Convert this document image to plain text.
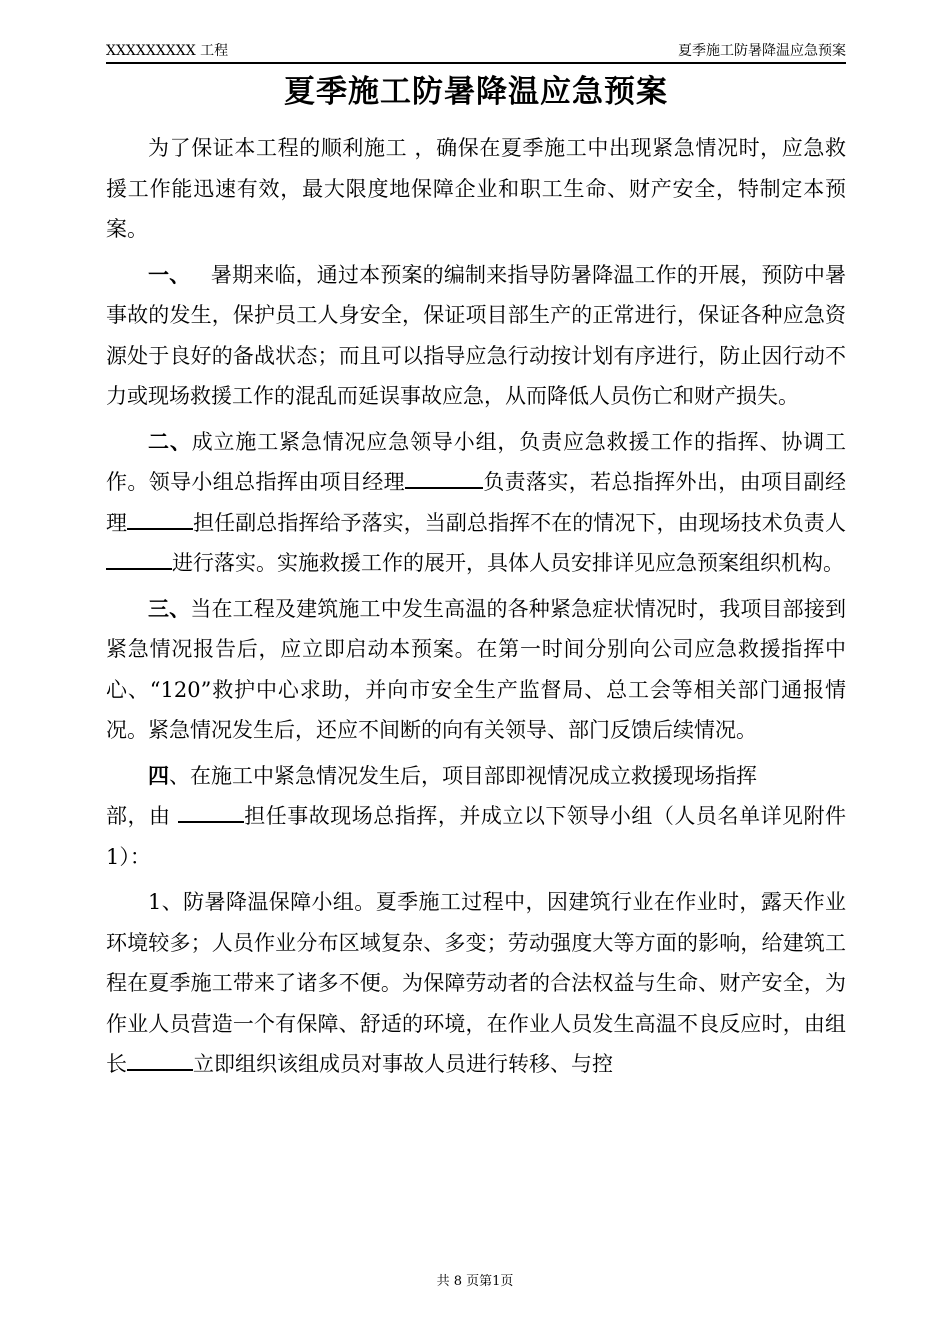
XXXXXXXXX 工程	夏季施工防暑降温应急预案
夏季施工防暑降温应急预案

为了保证本工程的顺利施工 ，确保在夏季施工中出现紧急情况时，应急救援工作能迅速有效，最大限度地保障企业和职工生命、财产安全，特制定本预案。

一、 暑期来临，通过本预案的编制来指导防暑降温工作的开展，预防中暑事故的发生，保护员工人身安全，保证项目部生产的正常进行，保证各种应急资源处于良好的备战状态；而且可以指导应急行动按计划有序进行，防止因行动不力或现场救援工作的混乱而延误事故应急，从而降低人员伤亡和财产损失。

二、成立施工紧急情况应急领导小组，负责应急救援工作的指挥、协调工作。领导小组总指挥由项目经理	负责落实，若总指挥外出，由项目副经理	担任副总指挥给予落实，当副总指挥不在的情况下，由现场技术负责人进行落实。实施救援工作的展开，具体人员安排详见应急预案组织机构。

三、当在工程及建筑施工中发生高温的各种紧急症状情况时，我项目部接到紧急情况报告后，应立即启动本预案。在第一时间分别向公司应急救援指挥中心、“120”救护中心求助，并向市安全生产监督局、总工会等相关部门通报情况。紧急情况发生后，还应不间断的向有关领导、部门反馈后续情况。

四、在施工中紧急情况发生后，项目部即视情况成立救援现场指挥
部，由	担任事故现场总指挥，并成立以下领导小组（人员名单详见附件 1）：

1、防暑降温保障小组。夏季施工过程中，因建筑行业在作业时，露天作业环境较多；人员作业分布区域复杂、多变；劳动强度大等方面的影响，给建筑工程在夏季施工带来了诸多不便。为保障劳动者的合法权益与生命、财产安全，为作业人员营造一个有保障、舒适的环境，在作业人员发生高温不良反应时，由组长	立即组织该组成员对事故人员进行转移、与控

共 8 页第1页
